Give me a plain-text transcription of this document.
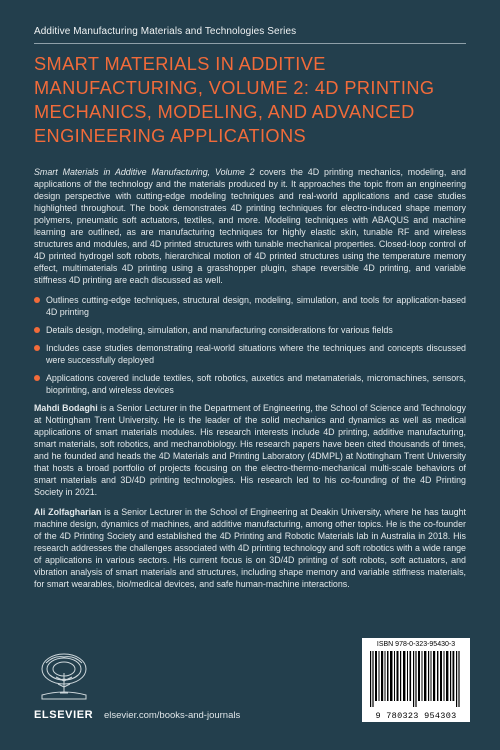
Additive Manufacturing Materials and Technologies Series
SMART MATERIALS IN ADDITIVE MANUFACTURING, VOLUME 2: 4D PRINTING MECHANICS, MODELING, AND ADVANCED ENGINEERING APPLICATIONS

Smart Materials in Additive Manufacturing, Volume 2 covers the 4D printing mechanics, modeling, and applications of the technology and the materials produced by it. It approaches the topic from an engineering design perspective with cutting-edge modeling techniques and real-world applications and case studies highlighted throughout. The book demonstrates 4D printing techniques for electro-induced shape memory polymers, pneumatic soft actuators, textiles, and more. Modeling techniques with ABAQUS and machine learning are outlined, as are manufacturing techniques for highly elastic skin, tunable RF and wireless structures and modules, and 4D printed structures with tunable mechanical properties. Closed-loop control of 4D printed hydrogel soft robots, hierarchical motion of 4D printed structures using the temperature memory effect, multimaterials 4D printing using a grasshopper plugin, shape reversible 4D printing, and variable stiffness 4D printing are each discussed as well.

Outlines cutting-edge techniques, structural design, modeling, simulation, and tools for application-based 4D printing
Details design, modeling, simulation, and manufacturing considerations for various fields
Includes case studies demonstrating real-world situations where the techniques and concepts discussed were successfully deployed
Applications covered include textiles, soft robotics, auxetics and metamaterials, micromachines, sensors, bioprinting, and wireless devices

Mahdi Bodaghi is a Senior Lecturer in the Department of Engineering, the School of Science and Technology at Nottingham Trent University. He is the leader of the solid mechanics and dynamics as well as medical applications of smart materials modules. His research interests include 4D printing, additive manufacturing, smart materials, soft robotics, and mechanobiology. His research papers have been cited thousands of times, and he founded and heads the 4D Materials and Printing Laboratory (4DMPL) at Nottingham Trent University that hosts a broad portfolio of projects focusing on the electro-thermo-mechanical multi-scale behaviors of smart materials and 3D/4D printing technologies. His research led to his co-founding of the 4D Printing Society in 2021.

Ali Zolfagharian is a Senior Lecturer in the School of Engineering at Deakin University, where he has taught machine design, dynamics of machines, and additive manufacturing, among other topics. He is the co-founder of the 4D Printing Society and established the 4D Printing and Robotic Materials lab in Australia in 2018. His research addresses the challenges associated with 4D printing technology and soft robotics with a wide range of applications in various sectors. His current focus is on 3D/4D printing of soft robots, soft actuators, and vibration analysis of smart materials and structures, including shape memory and variable stiffness materials, for smart wearables, bio/medical devices, and safe human-machine interactions.

ELSEVIER elsevier.com/books-and-journals
ISBN 978-0-323-95430-3
9 780323 954303
